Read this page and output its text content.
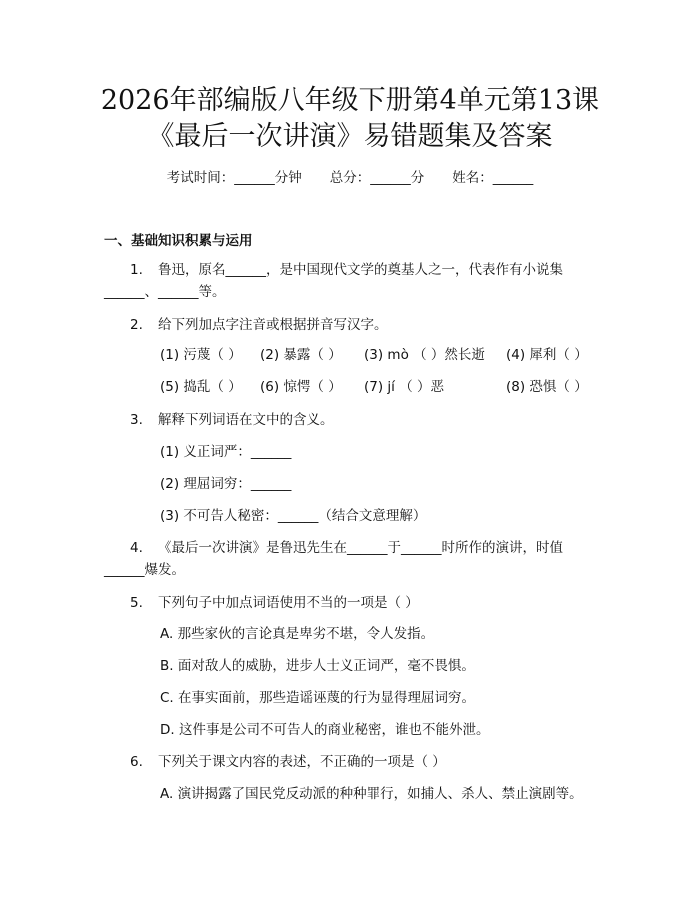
2026年部编版八年级下册第4单元第13课
《最后一次讲演》易错题集及答案
考试时间：______分钟 总分：______分 姓名：______
一、基础知识积累与运用
1. 鲁迅，原名______，是中国现代文学的奠基人之一，代表作有小说集
______、______等。
2. 给下列加点字注音或根据拼音写汉字。
(1) 污蔑（ ） (2) 暴露（ ） (3) mò （ ）然长逝 (4) 犀利（ ）
(5) 捣乱（ ） (6) 惊愕（ ） (7) jí （ ）恶	(8) 恐惧（ ）
3. 解释下列词语在文中的含义。
(1) 义正词严：______
(2) 理屈词穷：______
(3) 不可告人秘密：______（结合文意理解）
4. 《最后一次讲演》是鲁迅先生在______于______时所作的演讲，时值
______爆发。
5. 下列句子中加点词语使用不当的一项是（ ）
A. 那些家伙的言论真是卑劣不堪，令人发指。
B. 面对敌人的威胁，进步人士义正词严，毫不畏惧。
C. 在事实面前，那些造谣诬蔑的行为显得理屈词穷。
D. 这件事是公司不可告人的商业秘密，谁也不能外泄。
6. 下列关于课文内容的表述，不正确的一项是（ ）
A. 演讲揭露了国民党反动派的种种罪行，如捕人、杀人、禁止演剧等。
